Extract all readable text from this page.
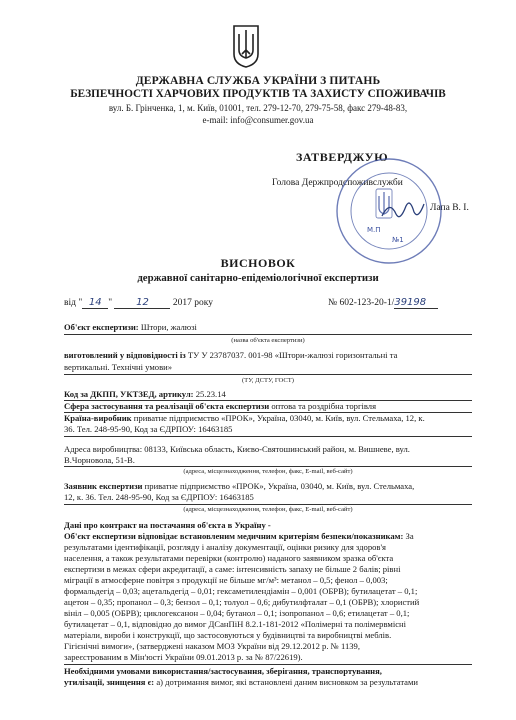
ДЕРЖАВНА СЛУЖБА УКРАЇНИ З ПИТАНЬ
БЕЗПЕЧНОСТІ ХАРЧОВИХ ПРОДУКТІВ ТА ЗАХИСТУ СПОЖИВАЧІВ
вул. Б. Грінченка, 1, м. Київ, 01001, тел. 279-12-70, 279-75-58, факс 279-48-83,
e-mail: info@consumer.gov.ua
ЗАТВЕРДЖУЮ
Голова Держпродспоживслужби
Лапа В. І.
М.П
№1
ВИСНОВОК
державної санітарно-епідеміологічної експертизи
від " 14 " 12	2017 року	№ 602-123-20-1/39198
Об'єкт експертизи: Штори, жалюзі
(назва об'єкта експертизи)
виготовлений у відповідності із ТУ У 23787037. 001-98 «Штори-жалюзі горизонтальні та
вертикальні. Технічні умови»
(ТУ, ДСТУ, ГОСТ)
Код за ДКПП, УКТЗЕД, артикул: 25.23.14
Сфера застосування та реалізації об'єкта експертизи оптова та роздрібна торгівля
Країна-виробник приватне підприємство «ПРОК», Україна, 03040, м. Київ, вул. Стельмаха, 12, к.
36. Тел. 248-95-90, Код за ЄДРПОУ: 16463185
Адреса виробництва: 08133, Київська область, Києво-Святошинський район, м. Вишневе, вул.
В.Чорновола, 51-В.
(адреса, місцезнаходження, телефон, факс, E-mail, веб-сайт)
Заявник експертизи приватне підприємство «ПРОК», Україна, 03040, м. Київ, вул. Стельмаха,
12, к. 36. Тел. 248-95-90, Код за ЄДРПОУ: 16463185
(адреса, місцезнаходження, телефон, факс, E-mail, веб-сайт)
Дані про контракт на постачання об'єкта в Україну -
Об'єкт експертизи відповідає встановленим медичним критеріям безпеки/показникам: За
результатами ідентифікації, розгляду і аналізу документації, оцінки ризику для здоров'я
населення, а також результатами перевірки (контролю) наданого заявником зразка об'єкта
експертизи в межах сфери акредитації, а саме: інтенсивність запаху не більше 2 балів; рівні
міграції в атмосферне повітря з продукції не більше мг/м³: метанол – 0,5; фенол – 0,003;
формальдегід – 0,03; ацетальдегід – 0,01; гексаметилендіамін – 0,001 (ОБРВ); бутилацетат – 0,1;
ацетон – 0,35; пропанол – 0,3; бензол – 0,1; толуол – 0,6; дибутилфталат – 0,1 (ОБРВ); хлористий
вініл – 0,005 (ОБРВ); циклогексанон – 0,04; бутанол – 0,1; ізопропанол – 0,6; етилацетат – 0,1;
бутилацетат – 0,1, відповідно до вимог ДСанПіН 8.2.1-181-2012 «Полімерні та полімервмісні
матеріали, вироби і конструкції, що застосовуються у будівництві та виробництві меблів.
Гігієнічні вимоги», (затверджені наказом МОЗ України від 29.12.2012 р. № 1139,
зареєстрованим в Мін'юсті України 09.01.2013 р. за № 87/22619).
Необхідними умовами використання/застосування, зберігання, транспортування,
утилізації, знищення є: а) дотримання вимог, які встановлені даним висновком за результатами
